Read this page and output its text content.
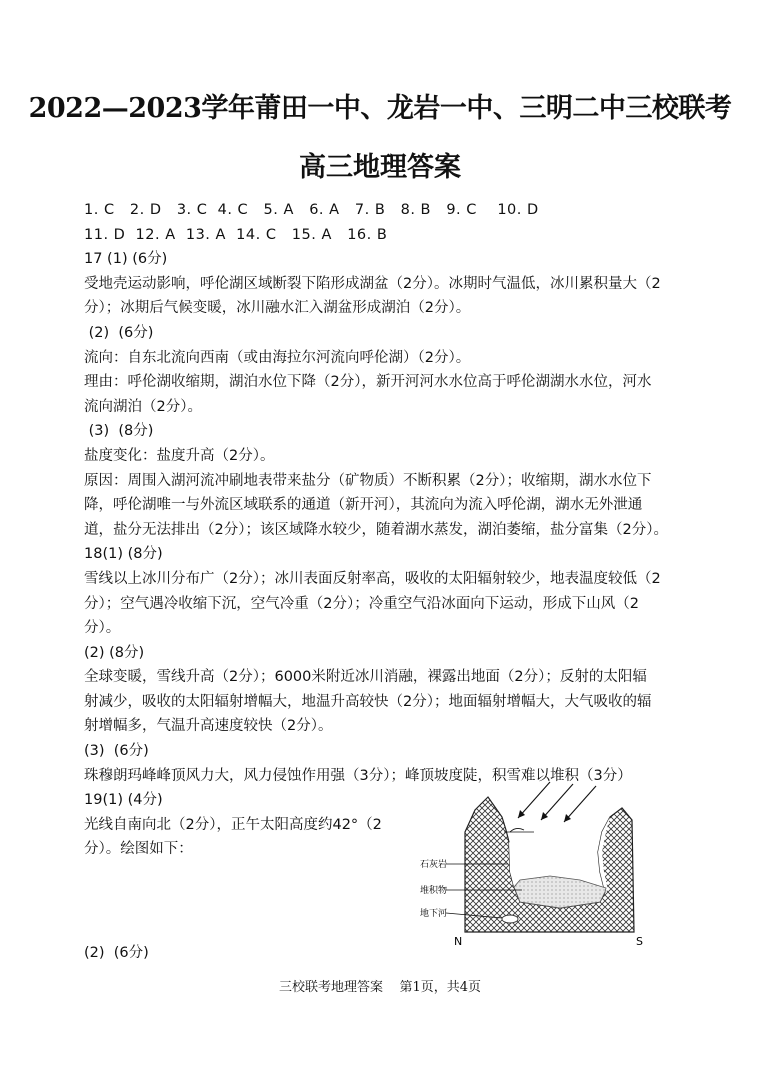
2022—2023学年莆田一中、龙岩一中、三明二中三校联考
高三地理答案
1. C   2. D   3. C  4. C   5. A   6. A   7. B   8. B   9. C    10. D
11. D  12. A  13. A  14. C   15. A   16. B
17 (1) (6分)
受地壳运动影响，呼伦湖区域断裂下陷形成湖盆（2分）。冰期时气温低，冰川累积量大（2
分）；冰期后气候变暖，冰川融水汇入湖盆形成湖泊（2分）。
(2)  (6分)
流向：自东北流向西南（或由海拉尔河流向呼伦湖）（2分）。
理由：呼伦湖收缩期，湖泊水位下降（2分），新开河河水水位高于呼伦湖湖水水位，河水
流向湖泊（2分）。
(3)  (8分)
盐度变化：盐度升高（2分）。
原因：周围入湖河流冲刷地表带来盐分（矿物质）不断积累（2分）；收缩期，湖水水位下
降，呼伦湖唯一与外流区域联系的通道（新开河），其流向为流入呼伦湖，湖水无外泄通
道，盐分无法排出（2分）；该区域降水较少，随着湖水蒸发，湖泊萎缩，盐分富集（2分）。
18(1) (8分)
雪线以上冰川分布广（2分）；冰川表面反射率高，吸收的太阳辐射较少，地表温度较低（2
分）；空气遇冷收缩下沉，空气冷重（2分）；冷重空气沿冰面向下运动，形成下山风（2
分）。
(2) (8分)
全球变暖，雪线升高（2分）；6000米附近冰川消融，裸露出地面（2分）；反射的太阳辐
射减少，吸收的太阳辐射增幅大，地温升高较快（2分）；地面辐射增幅大，大气吸收的辐
射增幅多，气温升高速度较快（2分）。
(3)  (6分)
珠穆朗玛峰峰顶风力大，风力侵蚀作用强（3分）；峰顶坡度陡，积雪难以堆积（3分）
19(1) (4分)
光线自南向北（2分），正午太阳高度约42°（2
分）。绘图如下：
(2)  (6分)
石灰岩
堆积物
地下河
N	S
三校联考地理答案    第1页，共4页
